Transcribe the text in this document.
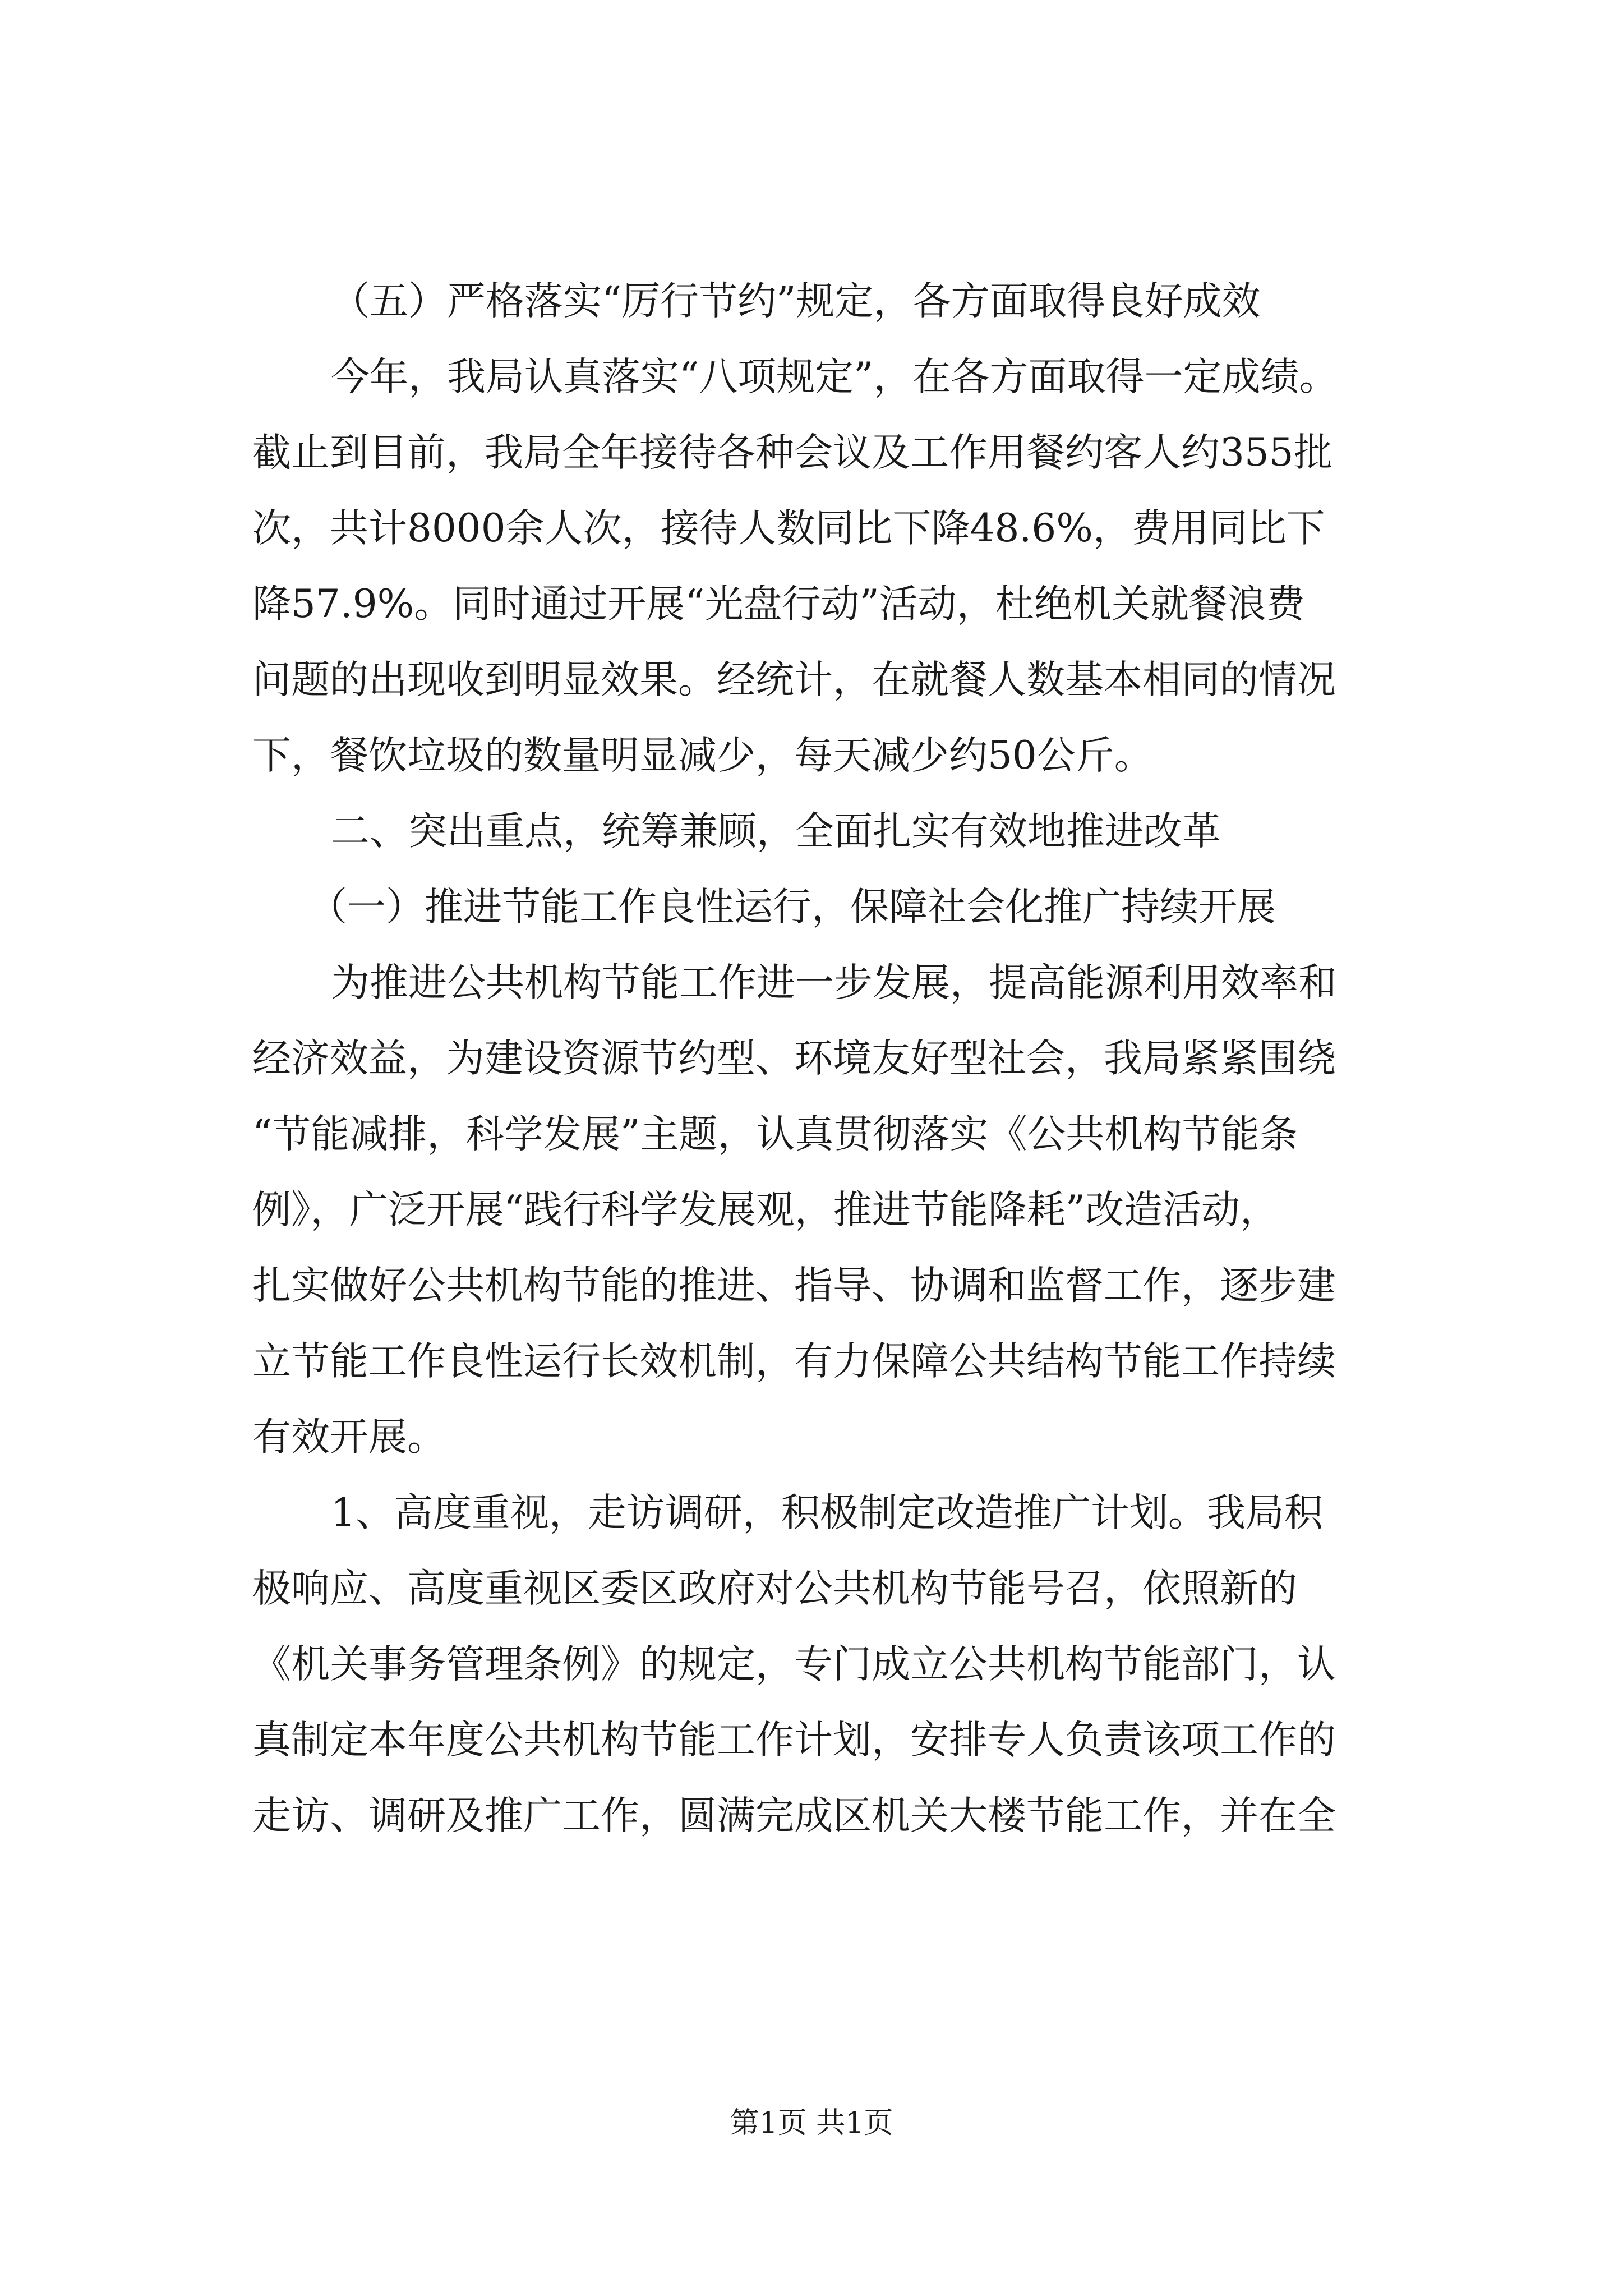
（五）严格落实“厉行节约”规定，各方面取得良好成效

今年，我局认真落实“八项规定”，在各方面取得一定成绩。

截止到目前，我局全年接待各种会议及工作用餐约客人约355批

次，共计8000余人次，接待人数同比下降48.6%，费用同比下

降57.9%。同时通过开展“光盘行动”活动，杜绝机关就餐浪费

问题的出现收到明显效果。经统计，在就餐人数基本相同的情况

下，餐饮垃圾的数量明显减少，每天减少约50公斤。

二、突出重点，统筹兼顾，全面扎实有效地推进改革

（一）推进节能工作良性运行，保障社会化推广持续开展

为推进公共机构节能工作进一步发展，提高能源利用效率和

经济效益，为建设资源节约型、环境友好型社会，我局紧紧围绕

“节能减排，科学发展”主题，认真贯彻落实《公共机构节能条

例》，广泛开展“践行科学发展观，推进节能降耗”改造活动，

扎实做好公共机构节能的推进、指导、协调和监督工作，逐步建

立节能工作良性运行长效机制，有力保障公共结构节能工作持续

有效开展。

1、高度重视，走访调研，积极制定改造推广计划。我局积

极响应、高度重视区委区政府对公共机构节能号召，依照新的

《机关事务管理条例》的规定，专门成立公共机构节能部门，认

真制定本年度公共机构节能工作计划，安排专人负责该项工作的

走访、调研及推广工作，圆满完成区机关大楼节能工作，并在全

第1页 共1页
